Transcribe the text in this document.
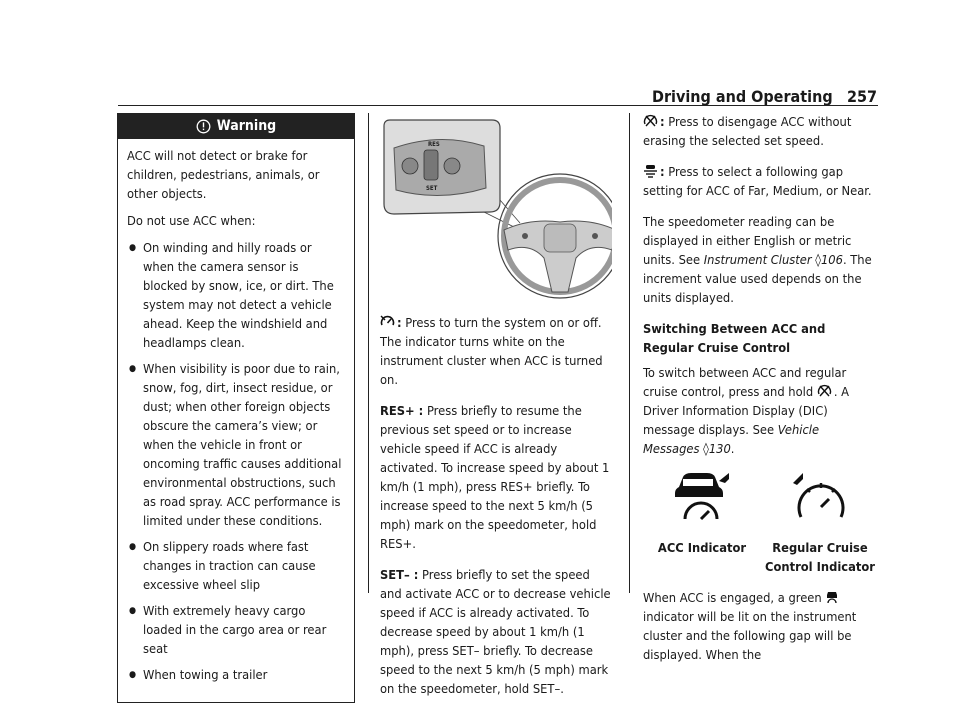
Driving and Operating 257
Warning

ACC will not detect or brake for children, pedestrians, animals, or other objects.

Do not use ACC when:

● On winding and hilly roads or when the camera sensor is blocked by snow, ice, or dirt. The system may not detect a vehicle ahead. Keep the windshield and headlamps clean.
● When visibility is poor due to rain, snow, fog, dirt, insect residue, or dust; when other foreign objects obscure the camera’s view; or when the vehicle in front or oncoming traffic causes additional environmental obstructions, such as road spray. ACC performance is limited under these conditions.
● On slippery roads where fast changes in traction can cause excessive wheel slip
● With extremely heavy cargo loaded in the cargo area or rear seat
● When towing a trailer
RES
SET

: Press to turn the system on or off. The indicator turns white on the instrument cluster when ACC is turned on.

RES+ : Press briefly to resume the previous set speed or to increase vehicle speed if ACC is already activated. To increase speed by about 1 km/h (1 mph), press RES+ briefly. To increase speed to the next 5 km/h (5 mph) mark on the speedometer, hold RES+.

SET– : Press briefly to set the speed and activate ACC or to decrease vehicle speed if ACC is already activated. To decrease speed by about 1 km/h (1 mph), press SET– briefly. To decrease speed to the next 5 km/h (5 mph) mark on the speedometer, hold SET–.

: Press to disengage ACC without erasing the selected set speed.

: Press to select a following gap setting for ACC of Far, Medium, or Near.

The speedometer reading can be displayed in either English or metric units. See Instrument Cluster ◊106. The increment value used depends on the units displayed.

Switching Between ACC and Regular Cruise Control

To switch between ACC and regular cruise control, press and hold . A Driver Information Display (DIC) message displays. See Vehicle Messages ◊130.

ACC Indicator	Regular Cruise Control Indicator

When ACC is engaged, a green  indicator will be lit on the instrument cluster and the following gap will be displayed. When the
